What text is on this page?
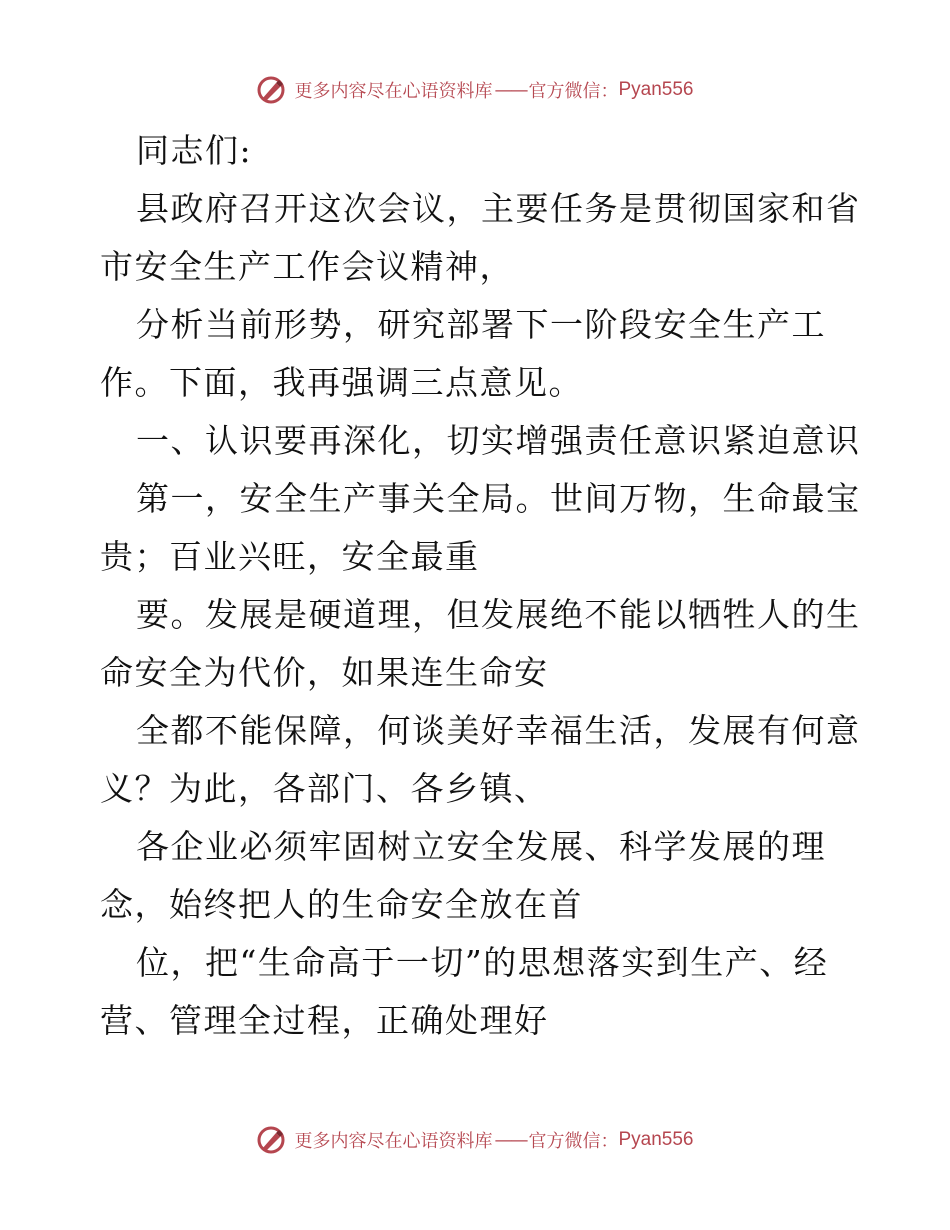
更多内容尽在心语资料库 —— 官方微信： Pyan556
同志们:
县政府召开这次会议，主要任务是贯彻国家和省
市安全生产工作会议精神，
分析当前形势，研究部署下一阶段安全生产工
作。下面，我再强调三点意见。
一、认识要再深化，切实增强责任意识紧迫意识
第一，安全生产事关全局。世间万物，生命最宝
贵；百业兴旺，安全最重
要。发展是硬道理，但发展绝不能以牺牲人的生
命安全为代价，如果连生命安
全都不能保障，何谈美好幸福生活，发展有何意
义？为此，各部门、各乡镇、
各企业必须牢固树立安全发展、科学发展的理
念，始终把人的生命安全放在首
位，把“生命高于一切”的思想落实到生产、经
营、管理全过程，正确处理好
更多内容尽在心语资料库 —— 官方微信： Pyan556
